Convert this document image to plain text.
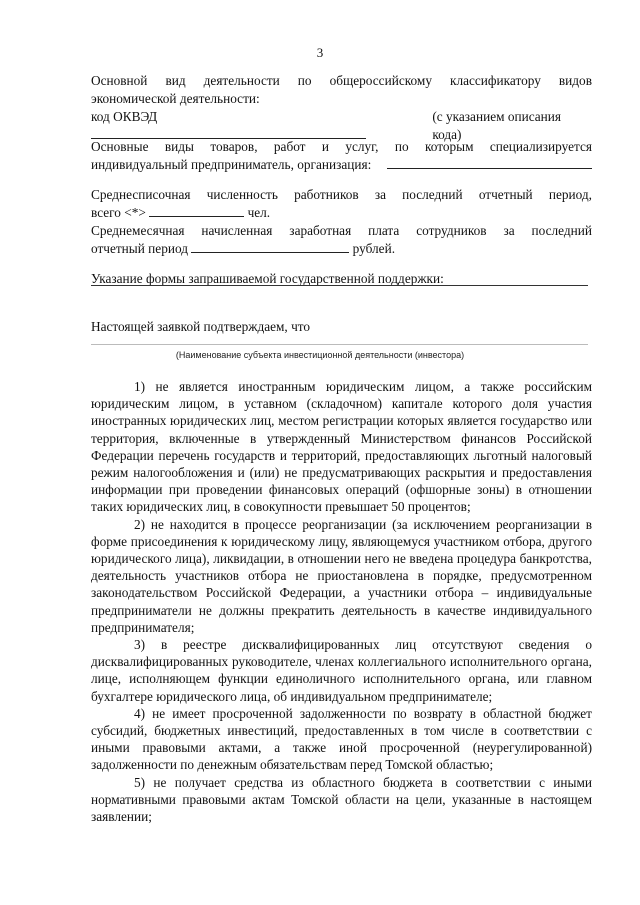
3
Основной вид деятельности по общероссийскому классификатору видов
экономической деятельности:
код ОКВЭД	(с указанием описания кода)
Основные виды товаров, работ и услуг, по которым специализируется
индивидуальный предприниматель, организация:
Среднесписочная численность работников за последний отчетный период,
всего <*>	чел.
Среднемесячная начисленная заработная плата сотрудников за последний
отчетный период	рублей.
Указание формы запрашиваемой государственной поддержки:
Настоящей заявкой подтверждаем, что
(Наименование субъекта инвестиционной деятельности (инвестора)

1) не является иностранным юридическим лицом, а также российским юридическим лицом, в уставном (складочном) капитале которого доля участия иностранных юридических лиц, местом регистрации которых является государство или территория, включенные в утвержденный Министерством финансов Российской Федерации перечень государств и территорий, предоставляющих льготный налоговый режим налогообложения и (или) не предусматривающих раскрытия и предоставления информации при проведении финансовых операций (офшорные зоны) в отношении таких юридических лиц, в совокупности превышает 50 процентов;

2) не находится в процессе реорганизации (за исключением реорганизации в форме присоединения к юридическому лицу, являющемуся участником отбора, другого юридического лица), ликвидации, в отношении него не введена процедура банкротства, деятельность участников отбора не приостановлена в порядке, предусмотренном законодательством Российской Федерации, а участники отбора – индивидуальные предприниматели не должны прекратить деятельность в качестве индивидуального предпринимателя;

3) в реестре дисквалифицированных лиц отсутствуют сведения о дисквалифицированных руководителе, членах коллегиального исполнительного органа, лице, исполняющем функции единоличного исполнительного органа, или главном бухгалтере юридического лица, об индивидуальном предпринимателе;

4) не имеет просроченной задолженности по возврату в областной бюджет субсидий, бюджетных инвестиций, предоставленных в том числе в соответствии с иными правовыми актами, а также иной просроченной (неурегулированной) задолженности по денежным обязательствам перед Томской областью;

5) не получает средства из областного бюджета в соответствии с иными нормативными правовыми актам Томской области на цели, указанные в настоящем заявлении;
